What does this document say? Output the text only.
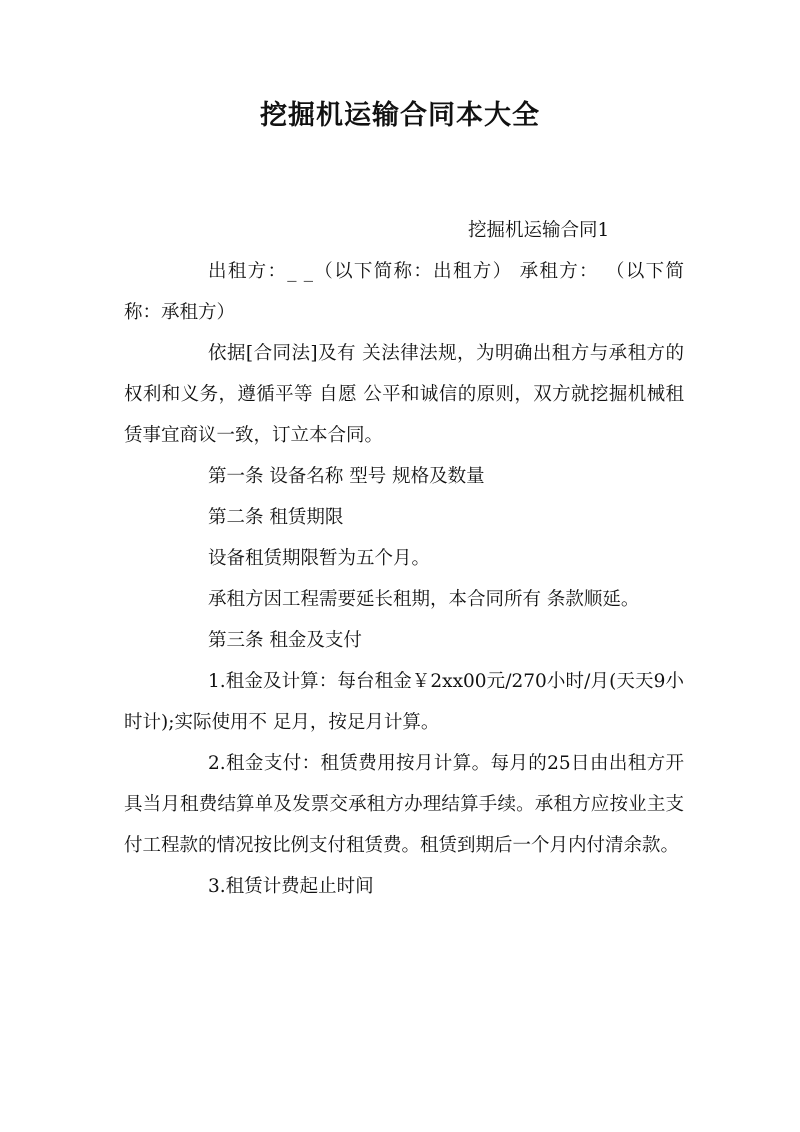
挖掘机运输合同本大全

挖掘机运输合同1

出租方：_ _（以下简称：出租方） 承租方： （以下简称：承租方）

依据[合同法]及有 关法律法规，为明确出租方与承租方的权利和义务，遵循平等 自愿 公平和诚信的原则，双方就挖掘机械租赁事宜商议一致，订立本合同。

第一条 设备名称 型号 规格及数量

第二条 租赁期限

设备租赁期限暂为五个月。

承租方因工程需要延长租期，本合同所有 条款顺延。

第三条 租金及支付

1.租金及计算：每台租金￥2xx00元/270小时/月(天天9小时计);实际使用不 足月，按足月计算。

2.租金支付：租赁费用按月计算。每月的25日由出租方开具当月租费结算单及发票交承租方办理结算手续。承租方应按业主支付工程款的情况按比例支付租赁费。租赁到期后一个月内付清余款。

3.租赁计费起止时间
